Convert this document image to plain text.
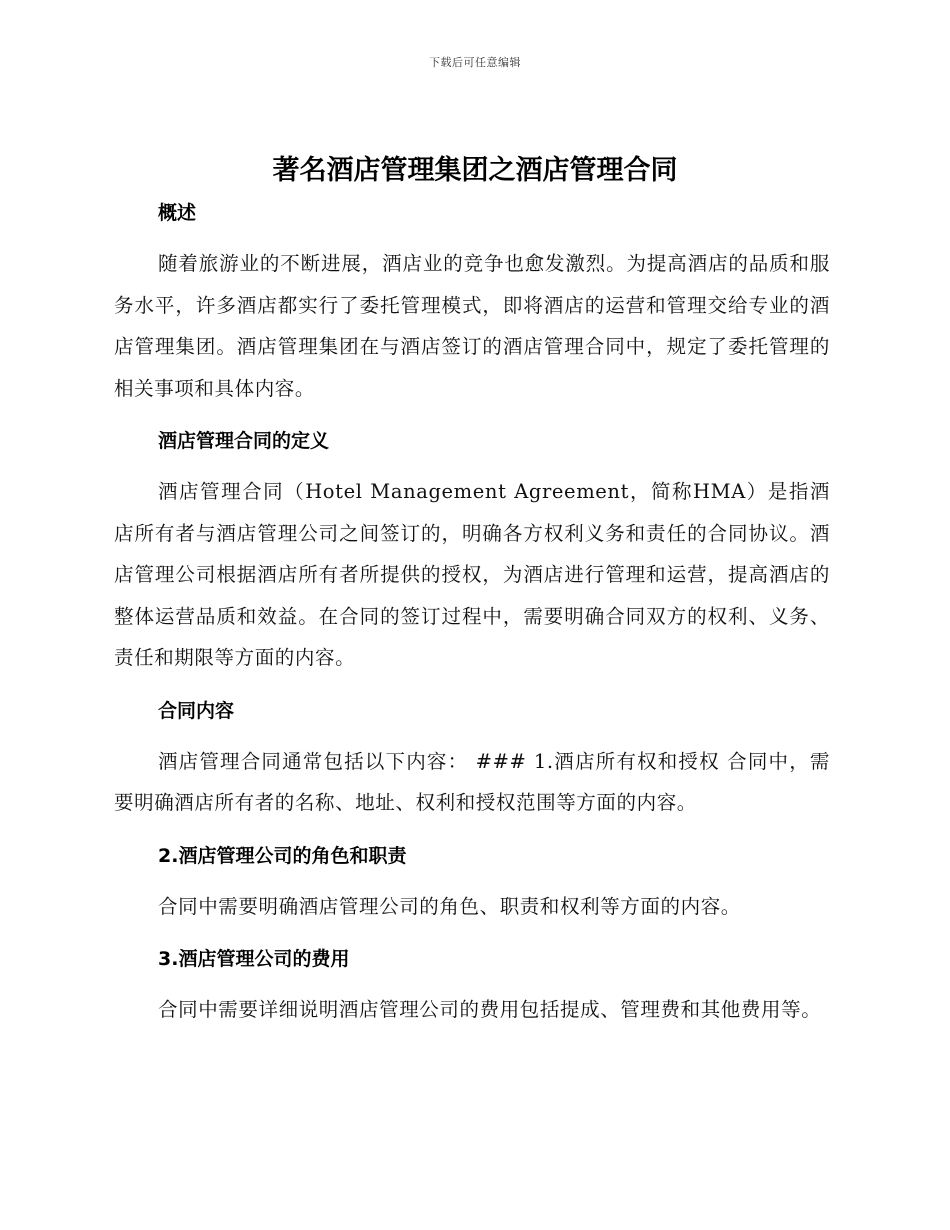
下载后可任意编辑
著名酒店管理集团之酒店管理合同
概述

随着旅游业的不断进展，酒店业的竞争也愈发激烈。为提高酒店的品质和服务水平，许多酒店都实行了委托管理模式，即将酒店的运营和管理交给专业的酒店管理集团。酒店管理集团在与酒店签订的酒店管理合同中，规定了委托管理的相关事项和具体内容。

酒店管理合同的定义

酒店管理合同（Hotel Management Agreement，简称HMA）是指酒店所有者与酒店管理公司之间签订的，明确各方权利义务和责任的合同协议。酒店管理公司根据酒店所有者所提供的授权，为酒店进行管理和运营，提高酒店的整体运营品质和效益。在合同的签订过程中，需要明确合同双方的权利、义务、责任和期限等方面的内容。

合同内容

酒店管理合同通常包括以下内容： ### 1.酒店所有权和授权 合同中，需要明确酒店所有者的名称、地址、权利和授权范围等方面的内容。

2.酒店管理公司的角色和职责

合同中需要明确酒店管理公司的角色、职责和权利等方面的内容。

3.酒店管理公司的费用

合同中需要详细说明酒店管理公司的费用包括提成、管理费和其他费用等。
